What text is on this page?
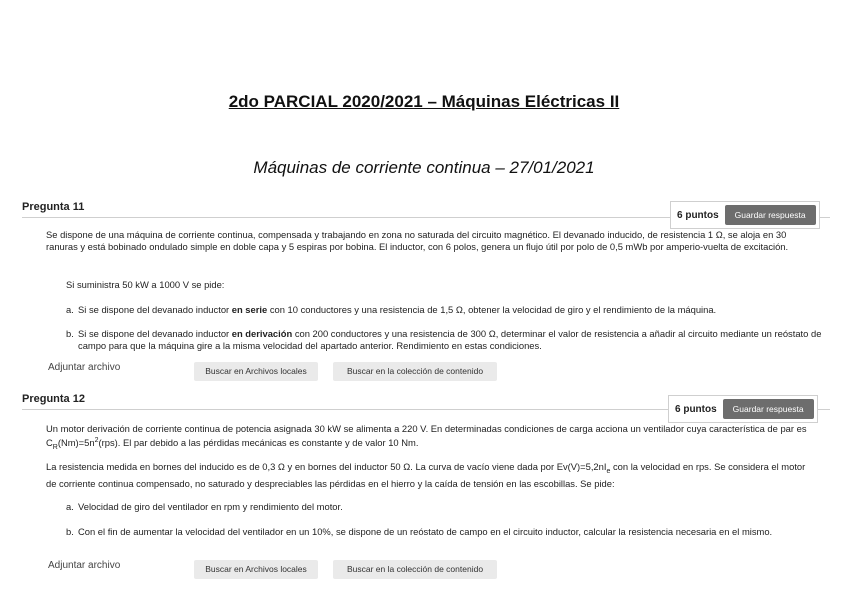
2do PARCIAL 2020/2021 – Máquinas Eléctricas II
Máquinas de corriente continua – 27/01/2021
Pregunta 11
6 puntos	Guardar respuesta
Se dispone de una máquina de corriente continua, compensada y trabajando en zona no saturada del circuito magnético. El devanado inducido, de resistencia 1 Ω, se aloja en 30 ranuras y está bobinado ondulado simple en doble capa y 5 espiras por bobina. El inductor, con 6 polos, genera un flujo útil por polo de 0,5 mWb por amperio-vuelta de excitación.
Si suministra 50 kW a 1000 V se pide:
a. Si se dispone del devanado inductor en serie con 10 conductores y una resistencia de 1,5 Ω, obtener la velocidad de giro y el rendimiento de la máquina.
b. Si se dispone del devanado inductor en derivación con 200 conductores y una resistencia de 300 Ω, determinar el valor de resistencia a añadir al circuito mediante un reóstato de campo para que la máquina gire a la misma velocidad del apartado anterior. Rendimiento en estas condiciones.
Adjuntar archivo	Buscar en Archivos locales	Buscar en la colección de contenido
Pregunta 12
6 puntos	Guardar respuesta
Un motor derivación de corriente continua de potencia asignada 30 kW se alimenta a 220 V. En determinadas condiciones de carga acciona un ventilador cuya característica de par es $C_R(Nm)=5n^2(rps)$. El par debido a las pérdidas mecánicas es constante y de valor 10 Nm.
La resistencia medida en bornes del inducido es de 0,3 Ω y en bornes del inductor 50 Ω. La curva de vacío viene dada por $Ev(V)=5,2nI_e$ con la velocidad en rps. Se considera el motor de corriente continua compensado, no saturado y despreciables las pérdidas en el hierro y la caída de tensión en las escobillas. Se pide:
a. Velocidad de giro del ventilador en rpm y rendimiento del motor.
b. Con el fin de aumentar la velocidad del ventilador en un 10%, se dispone de un reóstato de campo en el circuito inductor, calcular la resistencia necesaria en el mismo.
Adjuntar archivo	Buscar en Archivos locales	Buscar en la colección de contenido
